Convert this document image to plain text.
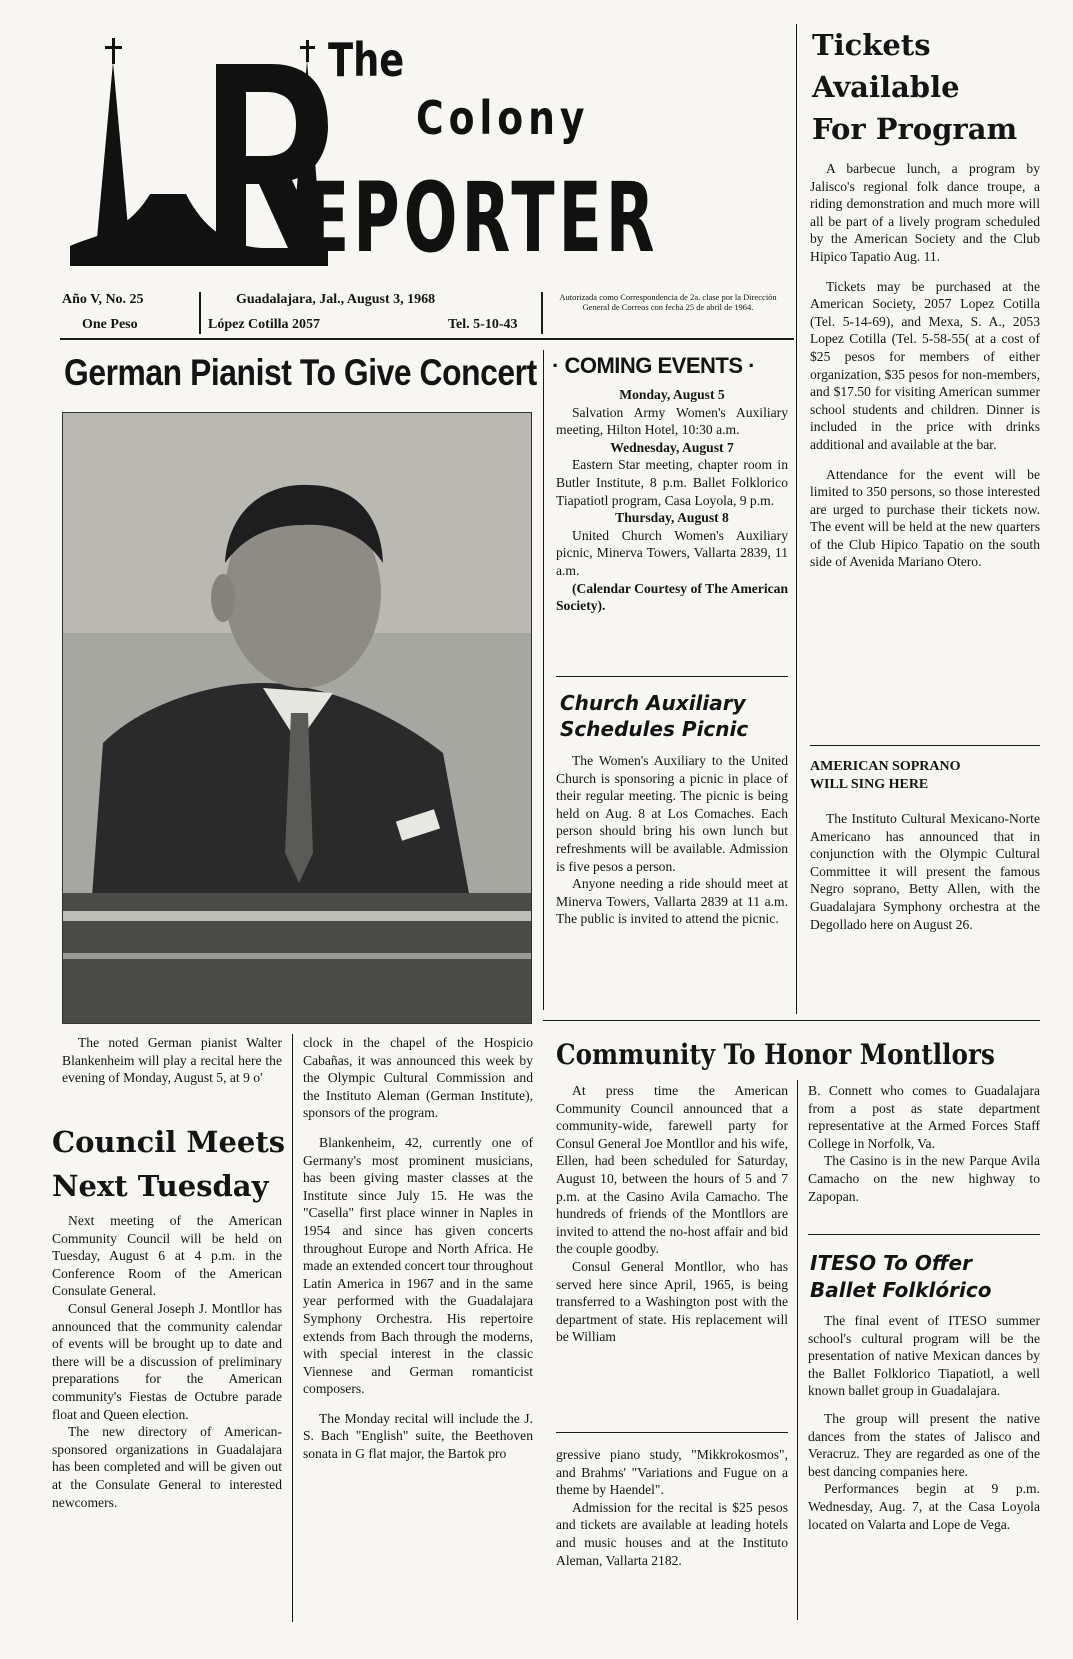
The
Colony
EPORTER
Año V, No. 25
One Peso
Guadalajara, Jal., August 3, 1968
López Cotilla 2057	Tel. 5-10-43
Autorizada como Correspondencia de 2a. clase por la Dirección General de Correos con fecha 25 de abril de 1964.
Tickets
Available
For Program

A barbecue lunch, a program by Jalisco's regional folk dance troupe, a riding demonstration and much more will all be part of a lively program scheduled by the American Society and the Club Hipico Tapatio Aug. 11.

Tickets may be purchased at the American Society, 2057 Lopez Cotilla (Tel. 5-14-69), and Mexa, S. A., 2053 Lopez Cotilla (Tel. 5-58-55( at a cost of $25 pesos for members of either organization, $35 pesos for non-members, and $17.50 for visiting American summer school students and children. Dinner is included in the price with drinks additional and available at the bar.

Attendance for the event will be limited to 350 persons, so those interested are urged to purchase their tickets now. The event will be held at the new quarters of the Club Hipico Tapatio on the south side of Avenida Mariano Otero.

AMERICAN SOPRANO WILL SING HERE

The Instituto Cultural Mexicano-Norte Americano has announced that in conjunction with the Olympic Cultural Committee it will present the famous Negro soprano, Betty Allen, with the Guadalajara Symphony orchestra at the Degollado here on August 26.

German Pianist To Give Concert

The noted German pianist Walter Blankenheim will play a recital here the evening of Monday, August 5, at 9 o'

Council Meets
Next Tuesday

Next meeting of the American Community Council will be held on Tuesday, August 6 at 4 p.m. in the Conference Room of the American Consulate General.

Consul General Joseph J. Montllor has announced that the community calendar of events will be brought up to date and there will be a discussion of preliminary preparations for the American community's Fiestas de Octubre parade float and Queen election.

The new directory of American-sponsored organizations in Guadalajara has been completed and will be given out at the Consulate General to interested newcomers.

clock in the chapel of the Hospicio Cabañas, it was announced this week by the Olympic Cultural Commission and the Instituto Aleman (German Institute), sponsors of the program.

Blankenheim, 42, currently one of Germany's most prominent musicians, has been giving master classes at the Institute since July 15. He was the "Casella" first place winner in Naples in 1954 and since has given concerts throughout Europe and North Africa. He made an extended concert tour throughout Latin America in 1967 and in the same year performed with the Guadalajara Symphony Orchestra. His repertoire extends from Bach through the moderns, with special interest in the classic Viennese and German romanticist composers.

The Monday recital will include the J. S. Bach "English" suite, the Beethoven sonata in G flat major, the Bartok pro

· COMING EVENTS ·
Monday, August 5

Salvation Army Women's Auxiliary meeting, Hilton Hotel, 10:30 a.m.

Wednesday, August 7

Eastern Star meeting, chapter room in Butler Institute, 8 p.m. Ballet Folklorico Tiapatiotl program, Casa Loyola, 9 p.m.

Thursday, August 8

United Church Women's Auxiliary picnic, Minerva Towers, Vallarta 2839, 11 a.m.

(Calendar Courtesy of The American Society).

Church Auxiliary Schedules Picnic

The Women's Auxiliary to the United Church is sponsoring a picnic in place of their regular meeting. The picnic is being held on Aug. 8 at Los Comaches. Each person should bring his own lunch but refreshments will be available. Admission is five pesos a person.

Anyone needing a ride should meet at Minerva Towers, Vallarta 2839 at 11 a.m. The public is invited to attend the picnic.

Community To Honor Montllors

At press time the American Community Council announced that a community-wide, farewell party for Consul General Joe Montllor and his wife, Ellen, had been scheduled for Saturday, August 10, between the hours of 5 and 7 p.m. at the Casino Avila Camacho. The hundreds of friends of the Montllors are invited to attend the no-host affair and bid the couple goodby.

Consul General Montllor, who has served here since April, 1965, is being transferred to a Washington post with the department of state. His replacement will be William

B. Connett who comes to Guadalajara from a post as state department representative at the Armed Forces Staff College in Norfolk, Va.

The Casino is in the new Parque Avila Camacho on the new highway to Zapopan.

gressive piano study, "Mikkrokosmos", and Brahms' "Variations and Fugue on a theme by Haendel".

Admission for the recital is $25 pesos and tickets are available at leading hotels and music houses and at the Instituto Aleman, Vallarta 2182.

ITESO To Offer Ballet Folklórico

The final event of ITESO summer school's cultural program will be the presentation of native Mexican dances by the Ballet Folklorico Tiapatiotl, a well known ballet group in Guadalajara.

The group will present the native dances from the states of Jalisco and Veracruz. They are regarded as one of the best dancing companies here.

Performances begin at 9 p.m. Wednesday, Aug. 7, at the Casa Loyola located on Valarta and Lope de Vega.
